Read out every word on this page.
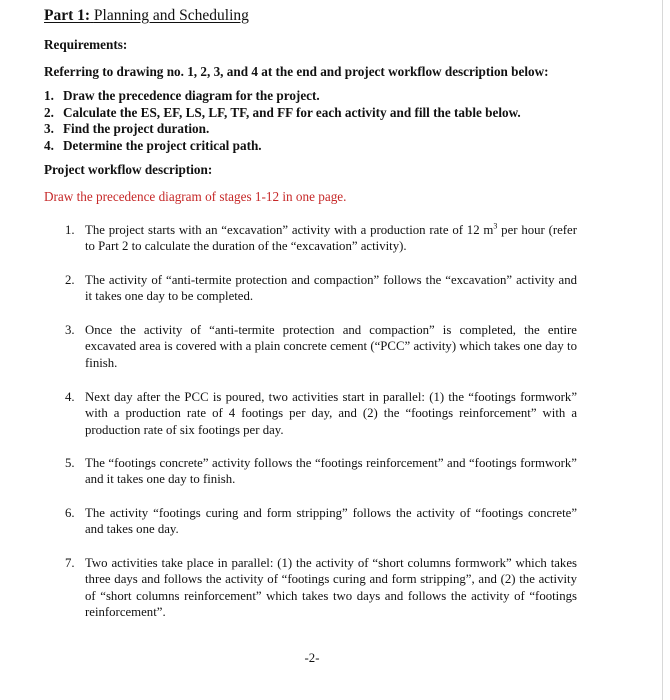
Part 1: Planning and Scheduling

Requirements:

Referring to drawing no. 1, 2, 3, and 4 at the end and project workflow description below:

1. Draw the precedence diagram for the project.
2. Calculate the ES, EF, LS, LF, TF, and FF for each activity and fill the table below.
3. Find the project duration.
4. Determine the project critical path.

Project workflow description:

Draw the precedence diagram of stages 1-12 in one page.

1. The project starts with an “excavation” activity with a production rate of 12 $m^3$ per hour (refer to Part 2 to calculate the duration of the “excavation” activity).
2. The activity of “anti-termite protection and compaction” follows the “excavation” activity and it takes one day to be completed.
3. Once the activity of “anti-termite protection and compaction” is completed, the entire excavated area is covered with a plain concrete cement (“PCC” activity) which takes one day to finish.
4. Next day after the PCC is poured, two activities start in parallel: (1) the “footings formwork” with a production rate of 4 footings per day, and (2) the “footings reinforcement” with a production rate of six footings per day.
5. The “footings concrete” activity follows the “footings reinforcement” and “footings formwork” and it takes one day to finish.
6. The activity “footings curing and form stripping” follows the activity of “footings concrete” and takes one day.
7. Two activities take place in parallel: (1) the activity of “short columns formwork” which takes three days and follows the activity of “footings curing and form stripping”, and (2) the activity of “short columns reinforcement” which takes two days and follows the activity of “footings reinforcement”.
-2-
